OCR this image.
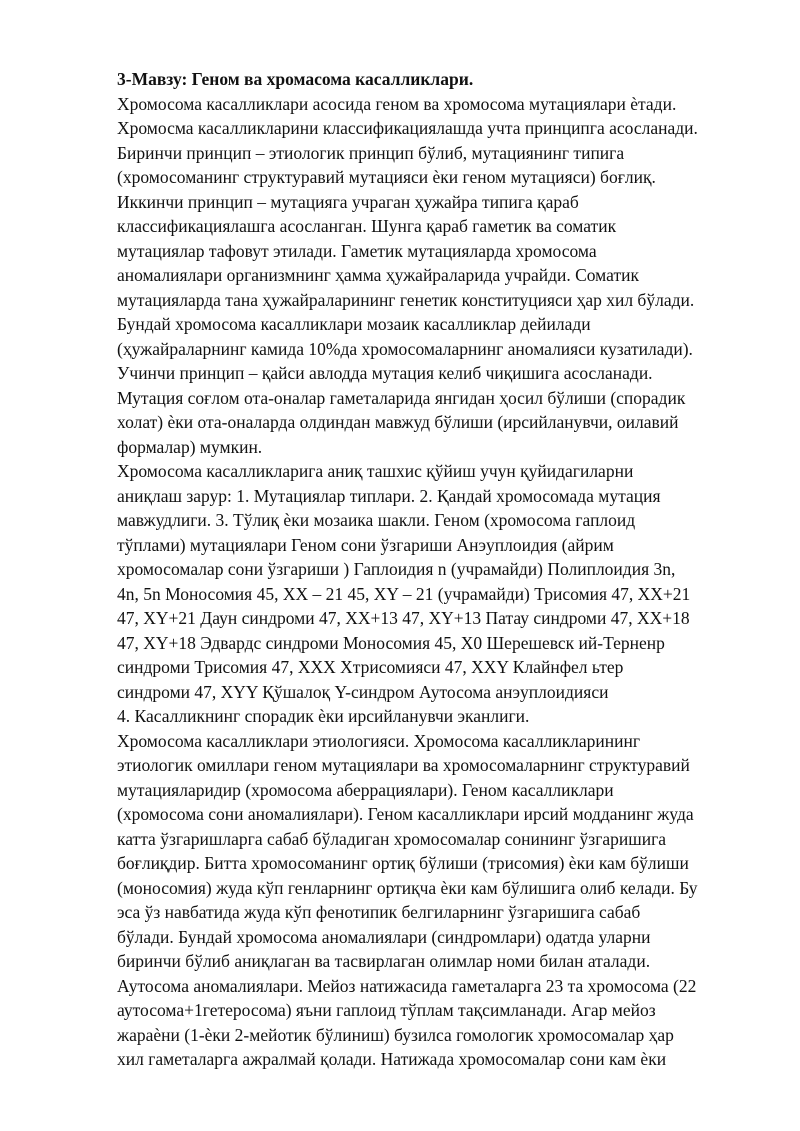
3-Мавзу: Геном ва хромасома касалликлари.
Хромосома касалликлари асосида геном ва хромосома мутациялари ѐтади.
Хромосма касалликларини классификациялашда учта принципга асосланади.
Биринчи принцип – этиологик принцип бўлиб, мутациянинг типига
(хромосоманинг структуравий мутацияси ѐки геном мутацияси) боғлиқ.
Иккинчи принцип – мутацияга учраган ҳужайра типига қараб
классификациялашга асосланган. Шунга қараб гаметик ва соматик
мутациялар тафовут этилади. Гаметик мутацияларда хромосома
аномалиялари организмнинг ҳамма ҳужайраларида учрайди. Соматик
мутацияларда тана ҳужайраларининг генетик конституцияси ҳар хил бўлади.
Бундай хромосома касалликлари мозаик касалликлар дейилади
(ҳужайраларнинг камида 10%да хромосомаларнинг аномалияси кузатилади).
Учинчи принцип – қайси авлодда мутация келиб чиқишига асосланади.
Мутация соғлом ота-оналар гаметаларида янгидан ҳосил бўлиши (спорадик
холат) ѐки ота-оналарда олдиндан мавжуд бўлиши (ирсийланувчи, оилавий
формалар) мумкин.
Хромосома касалликларига аниқ ташхис қўйиш учун қуйидагиларни
аниқлаш зарур: 1. Мутациялар типлари. 2. Қандай хромосомада мутация
мавжудлиги. 3. Тўлиқ ѐки мозаика шакли. Геном (хромосома гаплоид
тўплами) мутациялари Геном сони ўзгариши Анэуплоидия (айрим
хромосомалар сони ўзгариши ) Гаплоидия n (учрамайди) Полиплоидия 3n,
4n, 5n Моносомия 45, ХХ – 21 45, ХY – 21 (учрамайди) Трисомия 47, ХХ+21
47, ХY+21 Даун синдроми 47, ХХ+13 47, ХY+13 Патау синдроми 47, ХХ+18
47, ХY+18 Эдвардс синдроми Моносомия 45, Х0 Шерешевск ий-Терненр
синдроми Трисомия 47, ХХХ Хтрисомияси 47, ХХY Клайнфел ьтер
синдроми 47, ХYY Қўшалоқ Y-синдром Аутосома анэуплоидияси
4. Касалликнинг спорадик ѐки ирсийланувчи эканлиги.
Хромосома касалликлари этиологияси. Хромосома касалликларининг
этиологик омиллари геном мутациялари ва хромосомаларнинг структуравий
мутацияларидир (хромосома аберрациялари). Геном касалликлари
(хромосома сони аномалиялари). Геном касалликлари ирсий модданинг жуда
катта ўзгаришларга сабаб бўладиган хромосомалар сонининг ўзгаришига
боғлиқдир. Битта хромосоманинг ортиқ бўлиши (трисомия) ѐки кам бўлиши
(моносомия) жуда кўп генларнинг ортиқча ѐки кам бўлишига олиб келади. Бу
эса ўз навбатида жуда кўп фенотипик белгиларнинг ўзгаришига сабаб
бўлади. Бундай хромосома аномалиялари (синдромлари) одатда уларни
биринчи бўлиб аниқлаган ва тасвирлаган олимлар номи билан аталади.
Аутосома аномалиялари. Мейоз натижасида гаметаларга 23 та хромосома (22
аутосома+1гетеросома) яъни гаплоид тўплам тақсимланади. Агар мейоз
жараѐни (1-ѐки 2-мейотик бўлиниш) бузилса гомологик хромосомалар ҳар
хил гаметаларга ажралмай қолади. Натижада хромосомалар сони кам ѐки
